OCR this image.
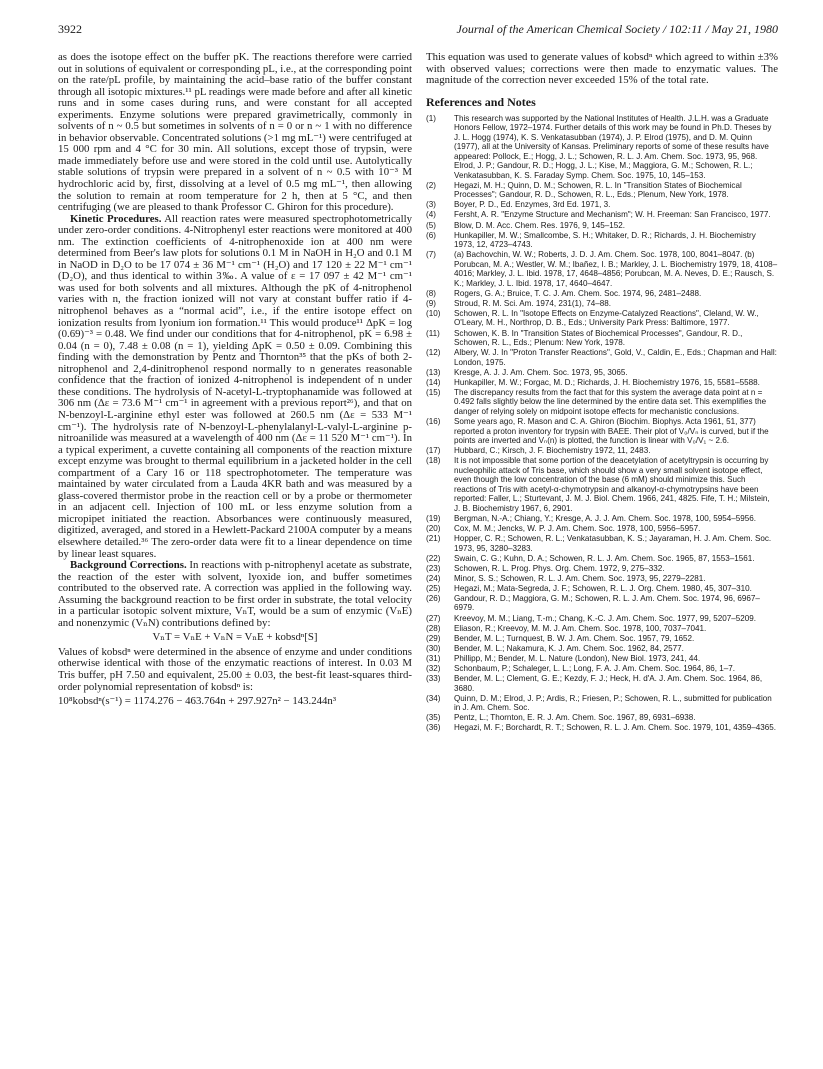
3922	Journal of the American Chemical Society / 102:11 / May 21, 1980

as does the isotope effect on the buffer pK. The reactions therefore were carried out in solutions of equivalent or corresponding pL, i.e., at the corresponding point on the rate/pL profile, by maintaining the acid–base ratio of the buffer constant through all isotopic mixtures.¹¹ pL readings were made before and after all kinetic runs and in some cases during runs, and were constant for all accepted experiments. Enzyme solutions were prepared gravimetrically, commonly in solvents of n ~ 0.5 but sometimes in solvents of n = 0 or n ~ 1 with no difference in behavior observable. Concentrated solutions (>1 mg mL⁻¹) were centrifuged at 15 000 rpm and 4 °C for 30 min. All solutions, except those of trypsin, were made immediately before use and were stored in the cold until use. Autolytically stable solutions of trypsin were prepared in a solvent of n ~ 0.5 with 10⁻³ M hydrochloric acid by, first, dissolving at a level of 0.5 mg mL⁻¹, then allowing the solution to remain at room temperature for 2 h, then at 5 °C, and then centrifuging (we are pleased to thank Professor C. Ghiron for this procedure).

Kinetic Procedures. All reaction rates were measured spectrophotometrically under zero-order conditions. 4-Nitrophenyl ester reactions were monitored at 400 nm. The extinction coefficients of 4-nitrophenoxide ion at 400 nm were determined from Beer's law plots for solutions 0.1 M in NaOH in H₂O and 0.1 M in NaOD in D₂O to be 17 074 ± 36 M⁻¹ cm⁻¹ (H₂O) and 17 120 ± 22 M⁻¹ cm⁻¹ (D₂O), and thus identical to within 3‰. A value of ε = 17 097 ± 42 M⁻¹ cm⁻¹ was used for both solvents and all mixtures. Although the pK of 4-nitrophenol varies with n, the fraction ionized will not vary at constant buffer ratio if 4-nitrophenol behaves as a “normal acid”, i.e., if the entire isotope effect on ionization results from lyonium ion formation.¹¹ This would produce¹¹ ΔpK = log (0.69)⁻³ = 0.48. We find under our conditions that for 4-nitrophenol, pK = 6.98 ± 0.04 (n = 0), 7.48 ± 0.08 (n = 1), yielding ΔpK = 0.50 ± 0.09. Combining this finding with the demonstration by Pentz and Thornton³⁵ that the pKs of both 2-nitrophenol and 2,4-dinitrophenol respond normally to n generates reasonable confidence that the fraction of ionized 4-nitrophenol is independent of n under these conditions. The hydrolysis of N-acetyl-L-tryptophanamide was followed at 306 nm (Δε = 73.6 M⁻¹ cm⁻¹ in agreement with a previous report²⁶), and that on N-benzoyl-L-arginine ethyl ester was followed at 260.5 nm (Δε = 533 M⁻¹ cm⁻¹). The hydrolysis rate of N-benzoyl-L-phenylalanyl-L-valyl-L-arginine p-nitroanilide was measured at a wavelength of 400 nm (Δε = 11 520 M⁻¹ cm⁻¹). In a typical experiment, a cuvette containing all components of the reaction mixture except enzyme was brought to thermal equilibrium in a jacketed holder in the cell compartment of a Cary 16 or 118 spectrophotometer. The temperature was maintained by water circulated from a Lauda 4KR bath and was measured by a glass-covered thermistor probe in the reaction cell or by a probe or thermometer in an adjacent cell. Injection of 100 mL or less enzyme solution from a micropipet initiated the reaction. Absorbances were continuously measured, digitized, averaged, and stored in a Hewlett-Packard 2100A computer by a means elsewhere detailed.³⁶ The zero-order data were fit to a linear dependence on time by linear least squares.

Background Corrections. In reactions with p-nitrophenyl acetate as substrate, the reaction of the ester with solvent, lyoxide ion, and buffer sometimes contributed to the observed rate. A correction was applied in the following way. Assuming the background reaction to be first order in substrate, the total velocity in a particular isotopic solvent mixture, VₙT, would be a sum of enzymic (VₙE) and nonenzymic (VₙN) contributions defined by:

VₙT = VₙE + VₙN = VₙE + kobsdⁿ[S]

Values of kobsdⁿ were determined in the absence of enzyme and under conditions otherwise identical with those of the enzymatic reactions of interest. In 0.03 M Tris buffer, pH 7.50 and equivalent, 25.00 ± 0.03, the best-fit least-squares third-order polynomial representation of kobsdⁿ is:

10⁸kobsdⁿ(s⁻¹) = 1174.276 − 463.764n + 297.927n² − 143.244n³

This equation was used to generate values of kobsdⁿ which agreed to within ±3% with observed values; corrections were then made to enzymatic values. The magnitude of the correction never exceeded 15% of the total rate.

References and Notes
(1)	This research was supported by the National Institutes of Health. J.L.H. was a Graduate Honors Fellow, 1972–1974. Further details of this work may be found in Ph.D. Theses by J. L. Hogg (1974), K. S. Venkatasubban (1974), J. P. Elrod (1975), and D. M. Quinn (1977), all at the University of Kansas. Preliminary reports of some of these results have appeared: Pollock, E.; Hogg, J. L.; Schowen, R. L. J. Am. Chem. Soc. 1973, 95, 968. Elrod, J. P.; Gandour, R. D.; Hogg, J. L.; Kise, M.; Maggiora, G. M.; Schowen, R. L.; Venkatasubban, K. S. Faraday Symp. Chem. Soc. 1975, 10, 145–153.
(2)	Hegazi, M. H.; Quinn, D. M.; Schowen, R. L. In "Transition States of Biochemical Processes"; Gandour, R. D., Schowen, R. L., Eds.; Plenum, New York, 1978.
(3)	Boyer, P. D., Ed. Enzymes, 3rd Ed. 1971, 3.
(4)	Fersht, A. R. "Enzyme Structure and Mechanism"; W. H. Freeman: San Francisco, 1977.
(5)	Blow, D. M. Acc. Chem. Res. 1976, 9, 145–152.
(6)	Hunkapiller, M. W.; Smallcombe, S. H.; Whitaker, D. R.; Richards, J. H. Biochemistry 1973, 12, 4723–4743.
(7)	(a) Bachovchin, W. W.; Roberts, J. D. J. Am. Chem. Soc. 1978, 100, 8041–8047. (b) Porubcan, M. A.; Westler, W. M.; Ibañez, I. B.; Markley, J. L. Biochemistry 1979, 18, 4108–4016; Markley, J. L. Ibid. 1978, 17, 4648–4856; Porubcan, M. A. Neves, D. E.; Rausch, S. K.; Markley, J. L. Ibid. 1978, 17, 4640–4647.
(8)	Rogers, G. A.; Bruice, T. C. J. Am. Chem. Soc. 1974, 96, 2481–2488.
(9)	Stroud, R. M. Sci. Am. 1974, 231(1), 74–88.
(10)	Schowen, R. L. In "Isotope Effects on Enzyme-Catalyzed Reactions", Cleland, W. W., O'Leary, M. H., Northrop, D. B., Eds.; University Park Press: Baltimore, 1977.
(11)	Schowen, K. B. In "Transition States of Biochemical Processes", Gandour, R. D., Schowen, R. L., Eds.; Plenum: New York, 1978.
(12)	Albery, W. J. In "Proton Transfer Reactions", Gold, V., Caldin, E., Eds.; Chapman and Hall: London, 1975.
(13)	Kresge, A. J. J. Am. Chem. Soc. 1973, 95, 3065.
(14)	Hunkapiller, M. W.; Forgac, M. D.; Richards, J. H. Biochemistry 1976, 15, 5581–5588.
(15)	The discrepancy results from the fact that for this system the average data point at n = 0.492 falls slightly below the line determined by the entire data set. This exemplifies the danger of relying solely on midpoint isotope effects for mechanistic conclusions.
(16)	Some years ago, R. Mason and C. A. Ghiron (Biochim. Biophys. Acta 1961, 51, 377) reported a proton inventory for trypsin with BAEE. Their plot of V₀/Vₙ is curved, but if the points are inverted and Vₙ(n) is plotted, the function is linear with V₀/V₁ ~ 2.6.
(17)	Hubbard, C.; Kirsch, J. F. Biochemistry 1972, 11, 2483.
(18)	It is not impossible that some portion of the deacetylation of acetyltrypsin is occurring by nucleophilic attack of Tris base, which should show a very small solvent isotope effect, even though the low concentration of the base (6 mM) should minimize this. Such reactions of Tris with acetyl-α-chymotrypsin and alkanoyl-α-chymotrypsins have been reported: Faller, L.; Sturtevant, J. M. J. Biol. Chem. 1966, 241, 4825. Fife, T. H.; Milstein, J. B. Biochemistry 1967, 6, 2901.
(19)	Bergman, N.-A.; Chiang, Y.; Kresge, A. J. J. Am. Chem. Soc. 1978, 100, 5954–5956.
(20)	Cox, M. M.; Jencks, W. P. J. Am. Chem. Soc. 1978, 100, 5956–5957.
(21)	Hopper, C. R.; Schowen, R. L.; Venkatasubban, K. S.; Jayaraman, H. J. Am. Chem. Soc. 1973, 95, 3280–3283.
(22)	Swain, C. G.; Kuhn, D. A.; Schowen, R. L. J. Am. Chem. Soc. 1965, 87, 1553–1561.
(23)	Schowen, R. L. Prog. Phys. Org. Chem. 1972, 9, 275–332.
(24)	Minor, S. S.; Schowen, R. L. J. Am. Chem. Soc. 1973, 95, 2279–2281.
(25)	Hegazi, M.; Mata-Segreda, J. F.; Schowen, R. L. J. Org. Chem. 1980, 45, 307–310.
(26)	Gandour, R. D.; Maggiora, G. M.; Schowen, R. L. J. Am. Chem. Soc. 1974, 96, 6967–6979.
(27)	Kreevoy, M. M.; Liang, T.-m.; Chang, K.-C. J. Am. Chem. Soc. 1977, 99, 5207–5209.
(28)	Eliason, R.; Kreevoy, M. M. J. Am. Chem. Soc. 1978, 100, 7037–7041.
(29)	Bender, M. L.; Turnquest, B. W. J. Am. Chem. Soc. 1957, 79, 1652.
(30)	Bender, M. L.; Nakamura, K. J. Am. Chem. Soc. 1962, 84, 2577.
(31)	Phillipp, M.; Bender, M. L. Nature (London), New Biol. 1973, 241, 44.
(32)	Schonbaum, P.; Schaleger, L. L.; Long, F. A. J. Am. Chem. Soc. 1964, 86, 1–7.
(33)	Bender, M. L.; Clement, G. E.; Kezdy, F. J.; Heck, H. d'A. J. Am. Chem. Soc. 1964, 86, 3680.
(34)	Quinn, D. M.; Elrod, J. P.; Ardis, R.; Friesen, P.; Schowen, R. L., submitted for publication in J. Am. Chem. Soc.
(35)	Pentz, L.; Thornton, E. R. J. Am. Chem. Soc. 1967, 89, 6931–6938.
(36)	Hegazi, M. F.; Borchardt, R. T.; Schowen, R. L. J. Am. Chem. Soc. 1979, 101, 4359–4365.
